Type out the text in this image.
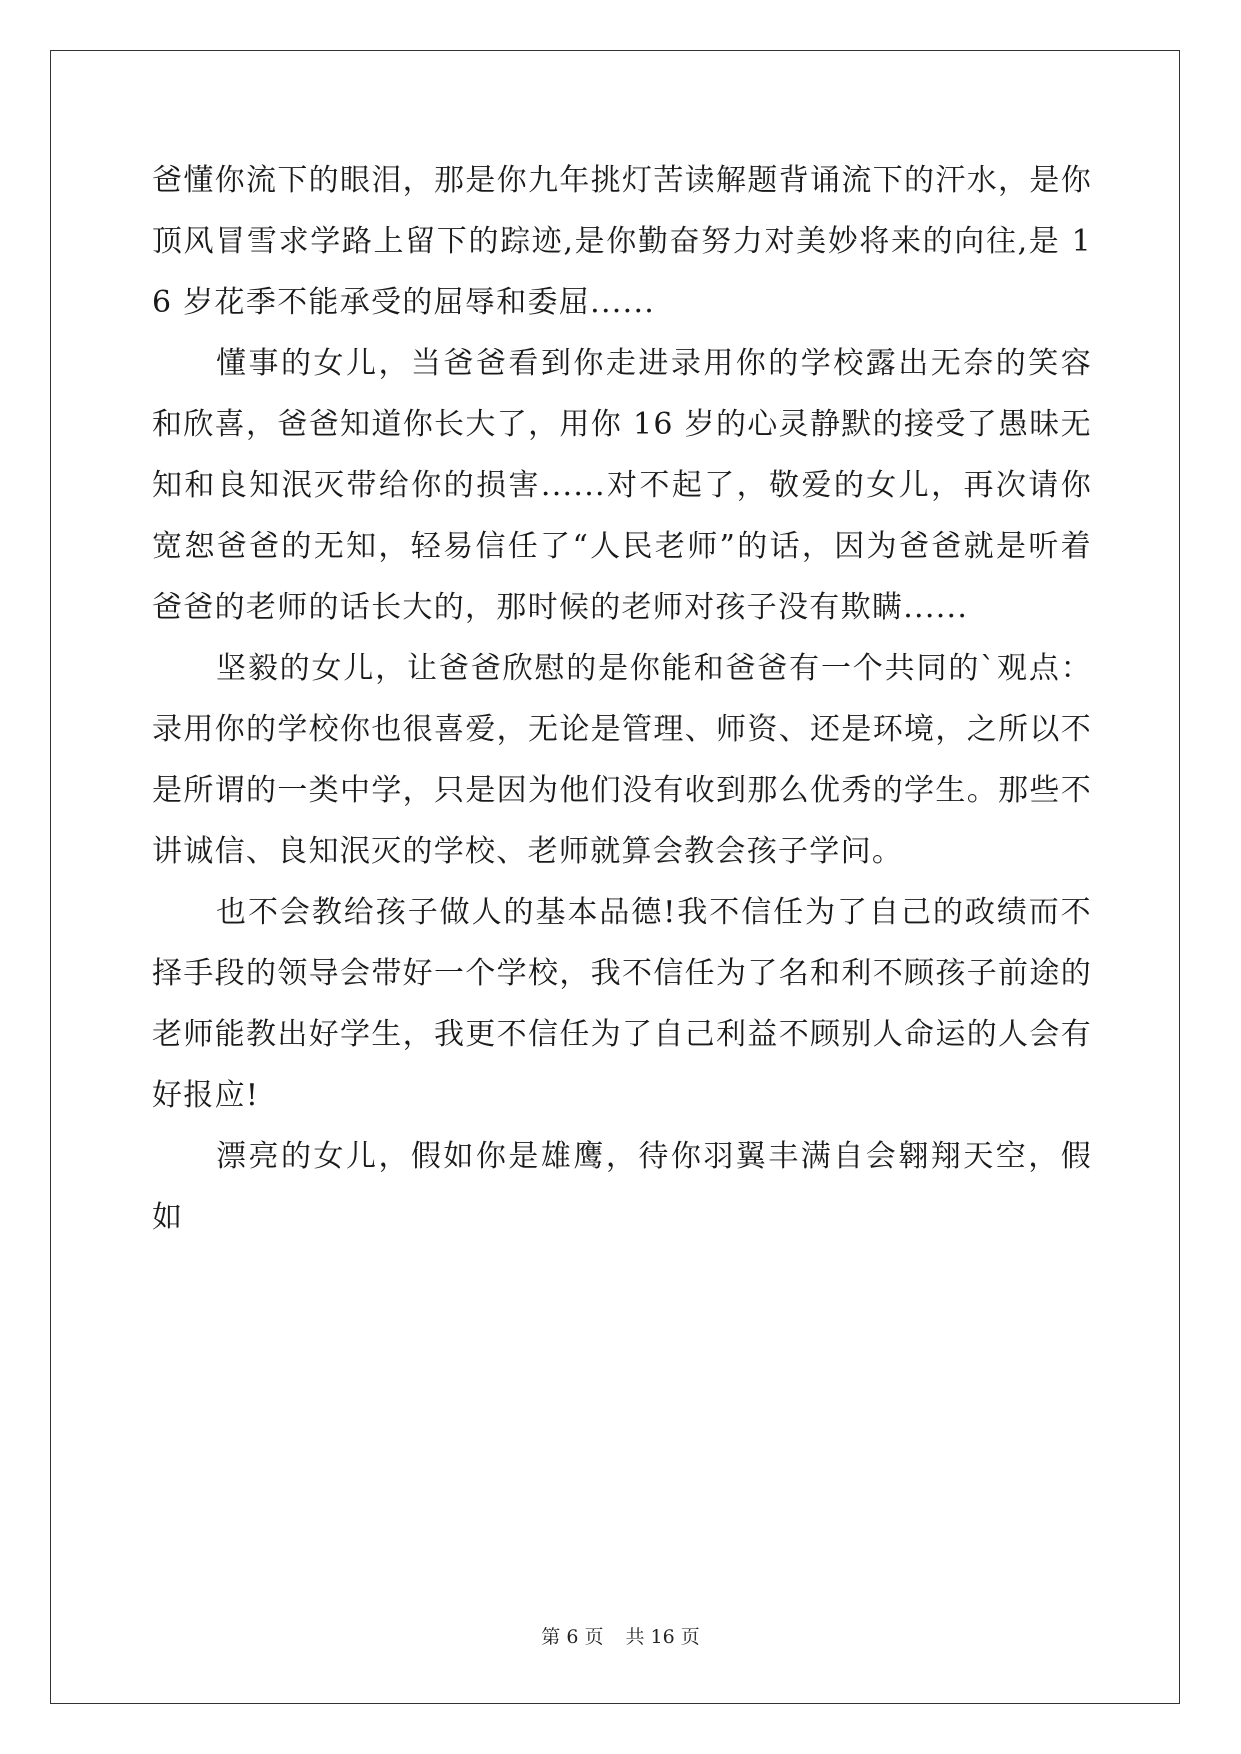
爸懂你流下的眼泪，那是你九年挑灯苦读解题背诵流下的汗水，是你顶风冒雪求学路上留下的踪迹,是你勤奋努力对美妙将来的向往,是 16 岁花季不能承受的屈辱和委屈......

懂事的女儿，当爸爸看到你走进录用你的学校露出无奈的笑容和欣喜，爸爸知道你长大了，用你 16 岁的心灵静默的接受了愚昧无知和良知泯灭带给你的损害......对不起了，敬爱的女儿，再次请你宽恕爸爸的无知，轻易信任了“人民老师”的话，因为爸爸就是听着爸爸的老师的话长大的，那时候的老师对孩子没有欺瞒......

坚毅的女儿，让爸爸欣慰的是你能和爸爸有一个共同的`观点：录用你的学校你也很喜爱，无论是管理、师资、还是环境，之所以不是所谓的一类中学，只是因为他们没有收到那么优秀的学生。那些不讲诚信、良知泯灭的学校、老师就算会教会孩子学问。

也不会教给孩子做人的基本品德!我不信任为了自己的政绩而不择手段的领导会带好一个学校，我不信任为了名和利不顾孩子前途的老师能教出好学生，我更不信任为了自己利益不顾别人命运的人会有好报应!

漂亮的女儿，假如你是雄鹰，待你羽翼丰满自会翱翔天空，假如

第 6 页 共 16 页
